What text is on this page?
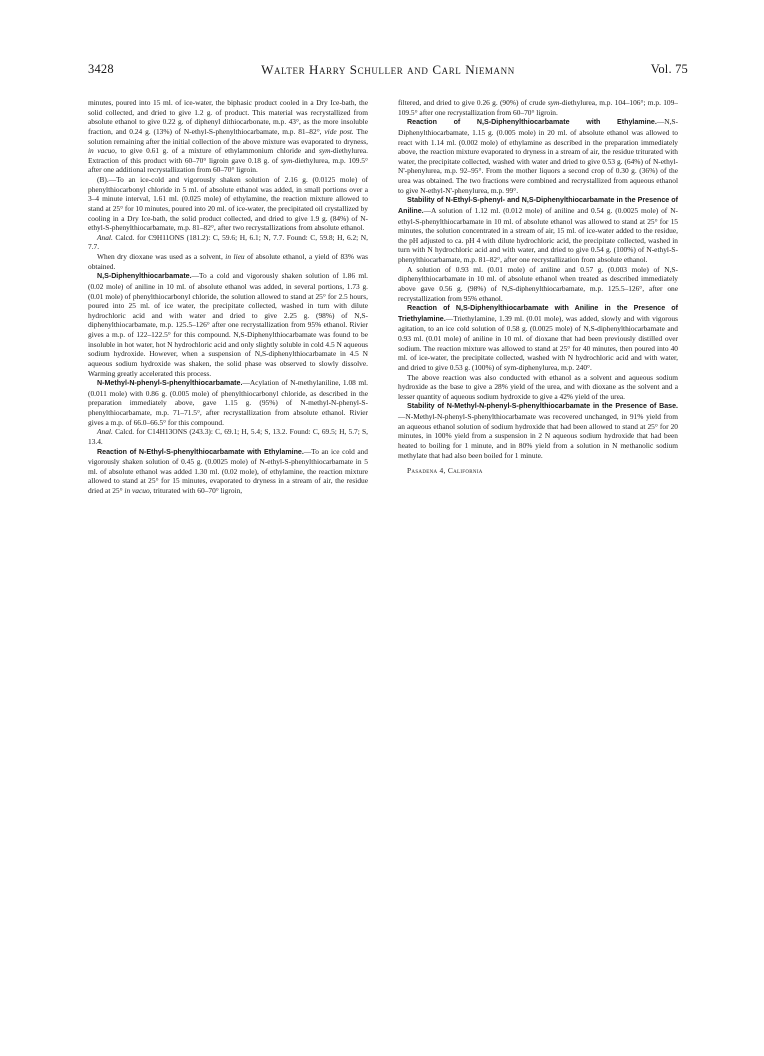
3428	Walter Harry Schuller and Carl Niemann	Vol. 75

minutes, poured into 15 ml. of ice-water, the biphasic product cooled in a Dry Ice-bath, the solid collected, and dried to give 1.2 g. of product. This material was recrystallized from absolute ethanol to give 0.22 g. of diphenyl dithiocarbonate, m.p. 43°, as the more insoluble fraction, and 0.24 g. (13%) of N-ethyl-S-phenylthiocarbamate, m.p. 81–82°, vide post. The solution remaining after the initial collection of the above mixture was evaporated to dryness, in vacuo, to give 0.61 g. of a mixture of ethylammonium chloride and sym-diethylurea. Extraction of this product with 60–70° ligroin gave 0.18 g. of sym-diethylurea, m.p. 109.5° after one additional recrystallization from 60–70° ligroin.

(B).—To an ice-cold and vigorously shaken solution of 2.16 g. (0.0125 mole) of phenylthiocarbonyl chloride in 5 ml. of absolute ethanol was added, in small portions over a 3–4 minute interval, 1.61 ml. (0.025 mole) of ethylamine, the reaction mixture allowed to stand at 25° for 10 minutes, poured into 20 ml. of ice-water, the precipitated oil crystallized by cooling in a Dry Ice-bath, the solid product collected, and dried to give 1.9 g. (84%) of N-ethyl-S-phenylthiocarbamate, m.p. 81–82°, after two recrystallizations from absolute ethanol.

Anal. Calcd. for C9H11ONS (181.2): C, 59.6; H, 6.1; N, 7.7. Found: C, 59.8; H, 6.2; N, 7.7.

When dry dioxane was used as a solvent, in lieu of absolute ethanol, a yield of 83% was obtained.

N,S-Diphenylthiocarbamate.—To a cold and vigorously shaken solution of 1.86 ml. (0.02 mole) of aniline in 10 ml. of absolute ethanol was added, in several portions, 1.73 g. (0.01 mole) of phenylthiocarbonyl chloride, the solution allowed to stand at 25° for 2.5 hours, poured into 25 ml. of ice water, the precipitate collected, washed in turn with dilute hydrochloric acid and with water and dried to give 2.25 g. (98%) of N,S-diphenylthiocarbamate, m.p. 125.5–126° after one recrystallization from 95% ethanol. Rivier gives a m.p. of 122–122.5° for this compound. N,S-Diphenylthiocarbamate was found to be insoluble in hot water, hot N hydrochloric acid and only slightly soluble in cold 4.5 N aqueous sodium hydroxide. However, when a suspension of N,S-diphenylthiocarbamate in 4.5 N aqueous sodium hydroxide was shaken, the solid phase was observed to slowly dissolve. Warming greatly accelerated this process.

N-Methyl-N-phenyl-S-phenylthiocarbamate.—Acylation of N-methylaniline, 1.08 ml. (0.011 mole) with 0.86 g. (0.005 mole) of phenylthiocarbonyl chloride, as described in the preparation immediately above, gave 1.15 g. (95%) of N-methyl-N-phenyl-S-phenylthiocarbamate, m.p. 71–71.5°, after recrystallization from absolute ethanol. Rivier gives a m.p. of 66.0–66.5° for this compound.

Anal. Calcd. for C14H13ONS (243.3): C, 69.1; H, 5.4; S, 13.2. Found: C, 69.5; H, 5.7; S, 13.4.

Reaction of N-Ethyl-S-phenylthiocarbamate with Ethylamine.—To an ice cold and vigorously shaken solution of 0.45 g. (0.0025 mole) of N-ethyl-S-phenylthiocarbamate in 5 ml. of absolute ethanol was added 1.30 ml. (0.02 mole), of ethylamine, the reaction mixture allowed to stand at 25° for 15 minutes, evaporated to dryness in a stream of air, the residue dried at 25° in vacuo, triturated with 60–70° ligroin,

filtered, and dried to give 0.26 g. (90%) of crude sym-diethylurea, m.p. 104–106°; m.p. 109–109.5° after one recrystallization from 60–70° ligroin.

Reaction of N,S-Diphenylthiocarbamate with Ethylamine.—N,S-Diphenylthiocarbamate, 1.15 g. (0.005 mole) in 20 ml. of absolute ethanol was allowed to react with 1.14 ml. (0.002 mole) of ethylamine as described in the preparation immediately above, the reaction mixture evaporated to dryness in a stream of air, the residue triturated with water, the precipitate collected, washed with water and dried to give 0.53 g. (64%) of N-ethyl-N'-phenylurea, m.p. 92–95°. From the mother liquors a second crop of 0.30 g. (36%) of the urea was obtained. The two fractions were combined and recrystallized from aqueous ethanol to give N-ethyl-N'-phenylurea, m.p. 99°.

Stability of N-Ethyl-S-phenyl- and N,S-Diphenylthiocarbamate in the Presence of Aniline.—A solution of 1.12 ml. (0.012 mole) of aniline and 0.54 g. (0.0025 mole) of N-ethyl-S-phenylthiocarbamate in 10 ml. of absolute ethanol was allowed to stand at 25° for 15 minutes, the solution concentrated in a stream of air, 15 ml. of ice-water added to the residue, the pH adjusted to ca. pH 4 with dilute hydrochloric acid, the precipitate collected, washed in turn with N hydrochloric acid and with water, and dried to give 0.54 g. (100%) of N-ethyl-S-phenylthiocarbamate, m.p. 81–82°, after one recrystallization from absolute ethanol.

A solution of 0.93 ml. (0.01 mole) of aniline and 0.57 g. (0.003 mole) of N,S-diphenylthiocarbamate in 10 ml. of absolute ethanol when treated as described immediately above gave 0.56 g. (98%) of N,S-diphenylthiocarbamate, m.p. 125.5–126°, after one recrystallization from 95% ethanol.

Reaction of N,S-Diphenylthiocarbamate with Aniline in the Presence of Triethylamine.—Triethylamine, 1.39 ml. (0.01 mole), was added, slowly and with vigorous agitation, to an ice cold solution of 0.58 g. (0.0025 mole) of N,S-diphenylthiocarbamate and 0.93 ml. (0.01 mole) of aniline in 10 ml. of dioxane that had been previously distilled over sodium. The reaction mixture was allowed to stand at 25° for 40 minutes, then poured into 40 ml. of ice-water, the precipitate collected, washed with N hydrochloric acid and with water, and dried to give 0.53 g. (100%) of sym-diphenylurea, m.p. 240°.

The above reaction was also conducted with ethanol as a solvent and aqueous sodium hydroxide as the base to give a 28% yield of the urea, and with dioxane as the solvent and a lesser quantity of aqueous sodium hydroxide to give a 42% yield of the urea.

Stability of N-Methyl-N-phenyl-S-phenylthiocarbamate in the Presence of Base.—N-Methyl-N-phenyl-S-phenylthiocarbamate was recovered unchanged, in 91% yield from an aqueous ethanol solution of sodium hydroxide that had been allowed to stand at 25° for 20 minutes, in 100% yield from a suspension in 2 N aqueous sodium hydroxide that had been heated to boiling for 1 minute, and in 80% yield from a solution in N methanolic sodium methylate that had also been boiled for 1 minute.

Pasadena 4, California
